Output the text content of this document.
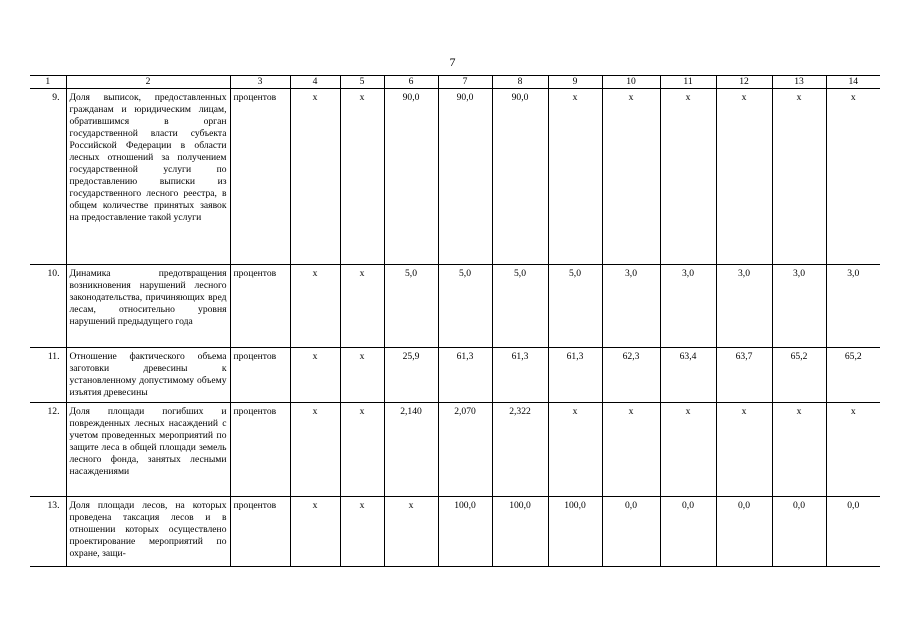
7
1	2	3	4	5	6	7	8	9	10	11	12	13	14
9.	Доля выписок, предоставленных гражданам и юридическим лицам, обратившимся в орган государственной власти субъекта Российской Федерации в области лесных отношений за получением государственной услуги по предоставлению выписки из государственного лесного реестра, в общем количестве принятых заявок на предоставление такой услуги	процентов	x	x	90,0	90,0	90,0	x	x	x	x	x	x
10.	Динамика предотвращения возникновения нарушений лесного законодательства, причиняющих вред лесам, относительно уровня нарушений предыдущего года	процентов	x	x	5,0	5,0	5,0	5,0	3,0	3,0	3,0	3,0	3,0
11.	Отношение фактического объема заготовки древесины к установленному допустимому объему изъятия древесины	процентов	x	x	25,9	61,3	61,3	61,3	62,3	63,4	63,7	65,2	65,2
12.	Доля площади погибших и поврежденных лесных насаждений с учетом проведенных мероприятий по защите леса в общей площади земель лесного фонда, занятых лесными насаждениями	процентов	x	x	2,140	2,070	2,322	x	x	x	x	x	x
13.	Доля площади лесов, на которых проведена таксация лесов и в отношении которых осуществлено проектирование мероприятий по охране, защи-	процентов	x	x	x	100,0	100,0	100,0	0,0	0,0	0,0	0,0	0,0
